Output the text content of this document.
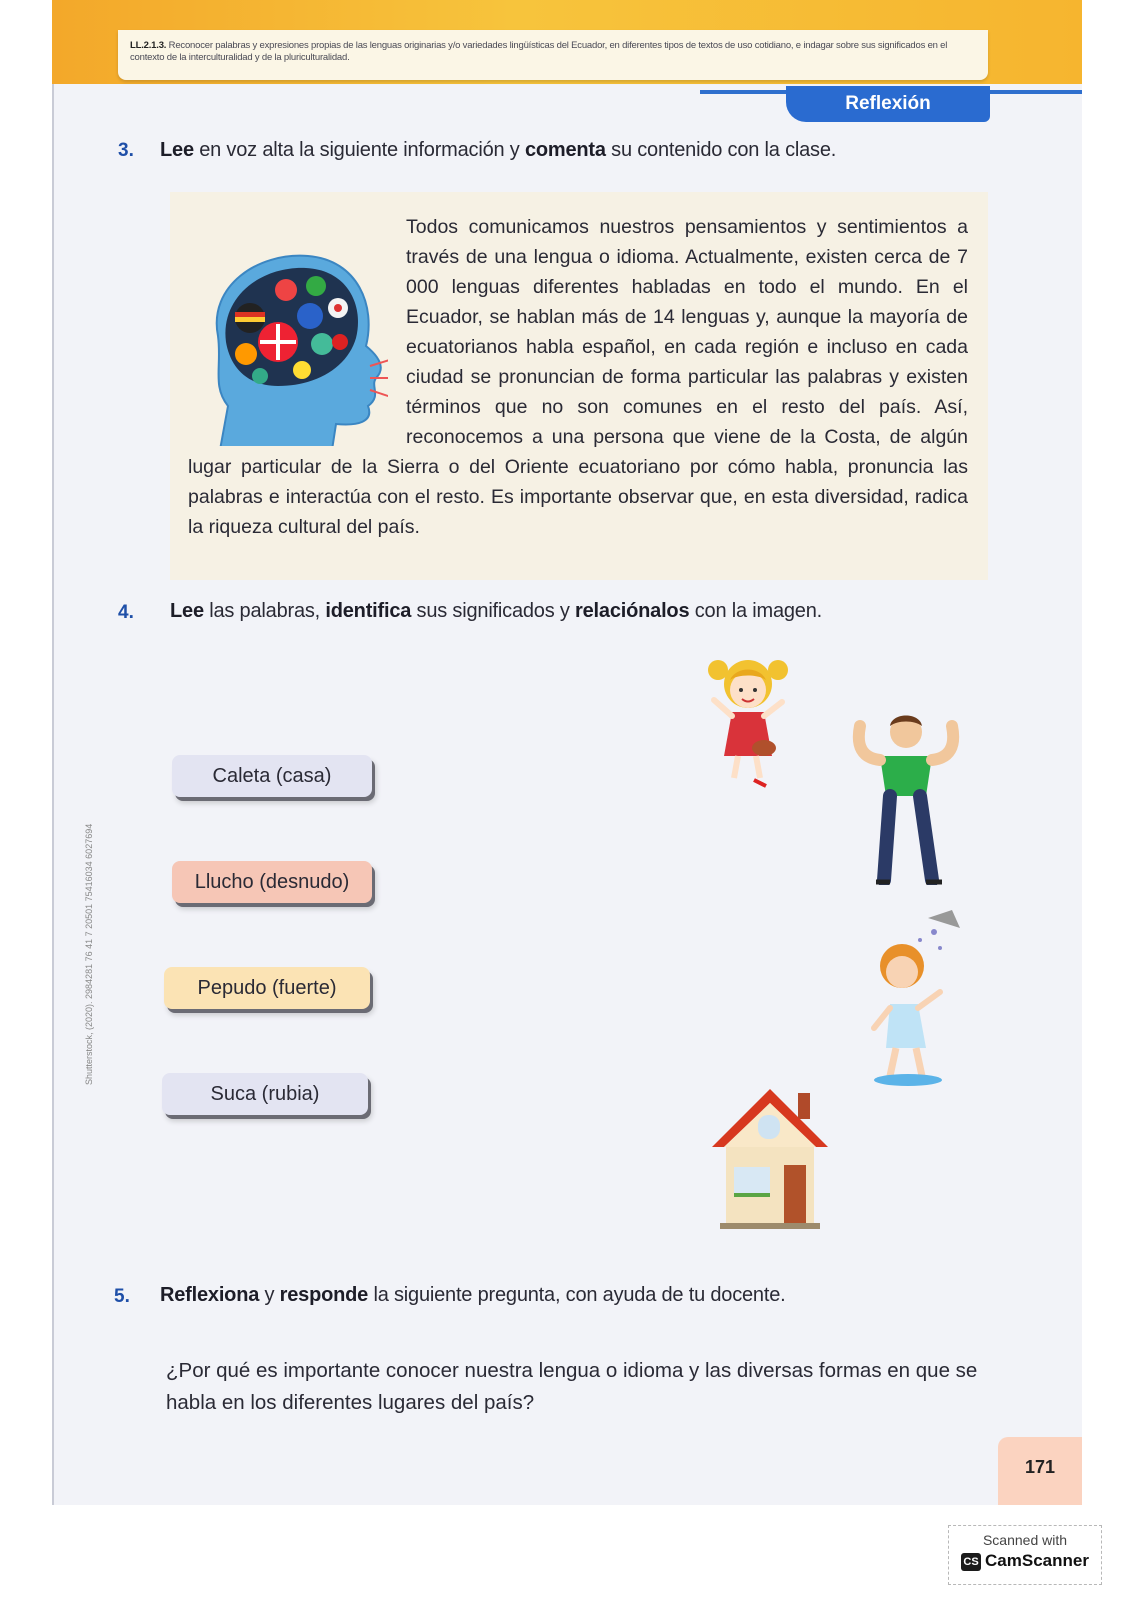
LL.2.1.3. Reconocer palabras y expresiones propias de las lenguas originarias y/o variedades lingüísticas del Ecuador, en diferentes tipos de textos de uso cotidiano, e indagar sobre sus significados en el contexto de la interculturalidad y de la pluriculturalidad.

Reflexión
3. Lee en voz alta la siguiente información y comenta su contenido con la clase.
Todos comunicamos nuestros pensamientos y sentimientos a través de una lengua o idioma. Actualmente, existen cerca de 7 000 lenguas diferentes habladas en todo el mundo. En el Ecuador, se hablan más de 14 lenguas y, aunque la mayoría de ecuatorianos habla español, en cada región e incluso en cada ciudad se pronuncian de forma particular las palabras y existen términos que no son comunes en el resto del país. Así, reconocemos a una persona que viene de la Costa, de algún lugar particular de la Sierra o del Oriente ecuatoriano por cómo habla, pronuncia las palabras e interactúa con el resto. Es importante observar que, en esta diversidad, radica la riqueza cultural del país.
4. Lee las palabras, identifica sus significados y relaciónalos con la imagen.
Caleta (casa)
Llucho (desnudo)
Pepudo (fuerte)
Suca (rubia)
Shutterstock, (2020). 2984281 76 41 7 20501 75416034 6027694
5. Reflexiona y responde la siguiente pregunta, con ayuda de tu docente.
¿Por qué es importante conocer nuestra lengua o idioma y las diversas formas en que se habla en los diferentes lugares del país?
171
Scanned with
CS CamScanner
